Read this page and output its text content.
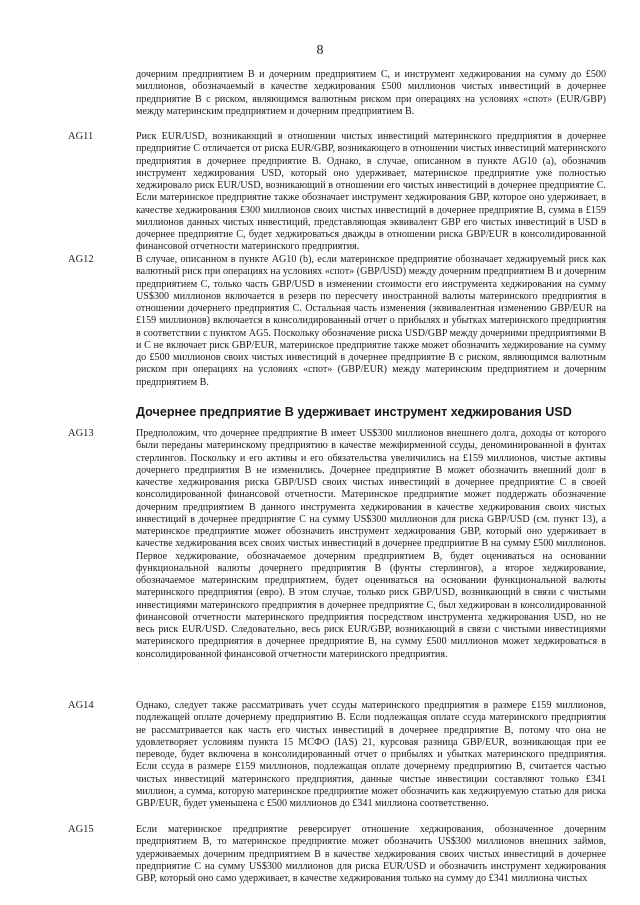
8
дочерним предприятием В и дочерним предприятием С, и инструмент хеджирования на сумму до £500 миллионов, обозначаемый в качестве хеджирования £500 миллионов чистых инвестиций в дочернее предприятие В с риском, являющимся валютным риском при операциях на условиях «спот» (EUR/GBP) между материнским предприятием и дочерним предприятием В.
AG11	Риск EUR/USD, возникающий в отношении чистых инвестиций материнского предприятия в дочернее предприятие С отличается от риска EUR/GBP, возникающего в отношении чистых инвестиций материнского предприятия в дочернее предприятие В. Однако, в случае, описанном в пункте AG10 (a), обозначив инструмент хеджирования USD, который оно удерживает, материнское предприятие уже полностью хеджировало риск EUR/USD, возникающий в отношении его чистых инвестиций в дочернее предприятие С. Если материнское предприятие также обозначает инструмент хеджирования GBP, которое оно удерживает, в качестве хеджирования £300 миллионов своих чистых инвестиций в дочернее предприятие В, сумма в £159 миллионов данных чистых инвестиций, представляющая эквивалент GBP его чистых инвестиций в USD в дочернее предприятие С, будет хеджироваться дважды в отношении риска GBP/EUR в консолидированной финансовой отчетности материнского предприятия.
AG12	В случае, описанном в пункте AG10 (b), если материнское предприятие обозначает хеджируемый риск как валютный риск при операциях на условиях «спот» (GBP/USD) между дочерним предприятием В и дочерним предприятием С, только часть GBP/USD в изменении стоимости его инструмента хеджирования на сумму US$300 миллионов включается в резерв по пересчету иностранной валюты материнского предприятия в отношении дочернего предприятия С. Остальная часть изменения (эквивалентная изменению GBP/EUR на £159 миллионов) включается в консолидированный отчет о прибылях и убытках материнского предприятия в соответствии с пунктом AG5. Поскольку обозначение риска USD/GBP между дочерними предприятиями В и С не включает риск GBP/EUR, материнское предприятие также может обозначить хеджирование на сумму до £500 миллионов своих чистых инвестиций в дочернее предприятие В с риском, являющимся валютным риском при операциях на условиях «спот» (GBP/EUR) между материнским предприятием и дочерним предприятием В.
Дочернее предприятие В удерживает инструмент хеджирования USD
AG13	Предположим, что дочернее предприятие В имеет US$300 миллионов внешнего долга, доходы от которого были переданы материнскому предприятию в качестве межфирменной ссуды, деноминированной в фунтах стерлингов. Поскольку и его активы и его обязательства увеличились на £159 миллионов, чистые активы дочернего предприятия В не изменились. Дочернее предприятие В может обозначить внешний долг в качестве хеджирования риска GBP/USD своих чистых инвестиций в дочернее предприятие С в своей консолидированной финансовой отчетности. Материнское предприятие может поддержать обозначение дочерним предприятием В данного инструмента хеджирования в качестве хеджирования своих чистых инвестиций в дочернее предприятие С на сумму US$300 миллионов для риска GBP/USD (см. пункт 13), а материнское предприятие может обозначить инструмент хеджирования GBP, который оно удерживает в качестве хеджирования всех своих чистых инвестиций в дочернее предприятие В на сумму £500 миллионов. Первое хеджирование, обозначаемое дочерним предприятием В, будет оцениваться на основании функциональной валюты дочернего предприятия В (фунты стерлингов), а второе хеджирование, обозначаемое материнским предприятием, будет оцениваться на основании функциональной валюты материнского предприятия (евро). В этом случае, только риск GBP/USD, возникающий в связи с чистыми инвестициями материнского предприятия в дочернее предприятие С, был хеджирован в консолидированной финансовой отчетности материнского предприятия посредством инструмента хеджирования USD, но не весь риск EUR/USD. Следовательно, весь риск EUR/GBP, возникающий в связи с чистыми инвестициями материнского предприятия в дочернее предприятие В, на сумму £500 миллионов может хеджироваться в консолидированной финансовой отчетности материнского предприятия.
AG14	Однако, следует также рассматривать учет ссуды материнского предприятия в размере £159 миллионов, подлежащей оплате дочернему предприятию В. Если подлежащая оплате ссуда материнского предприятия не рассматривается как часть его чистых инвестиций в дочернее предприятие В, потому что она не удовлетворяет условиям пункта 15 МСФО (IAS) 21, курсовая разница GBP/EUR, возникающая при ее переводе, будет включена в консолидированный отчет о прибылях и убытках материнского предприятия. Если ссуда в размере £159 миллионов, подлежащая оплате дочернему предприятию В, считается частью чистых инвестиций материнского предприятия, данные чистые инвестиции составляют только £341 миллион, а сумма, которую материнское предприятие может обозначить как хеджируемую статью для риска GBP/EUR, будет уменьшена с £500 миллионов до £341 миллиона соответственно.
AG15	Если материнское предприятие реверсирует отношение хеджирования, обозначенное дочерним предприятием В, то материнское предприятие может обозначить US$300 миллионов внешних займов, удерживаемых дочерним предприятием В в качестве хеджирования своих чистых инвестиций в дочернее предприятие С на сумму US$300 миллионов для риска EUR/USD и обозначить инструмент хеджирования GBP, который оно само удерживает, в качестве хеджирования только на сумму до £341 миллиона чистых
